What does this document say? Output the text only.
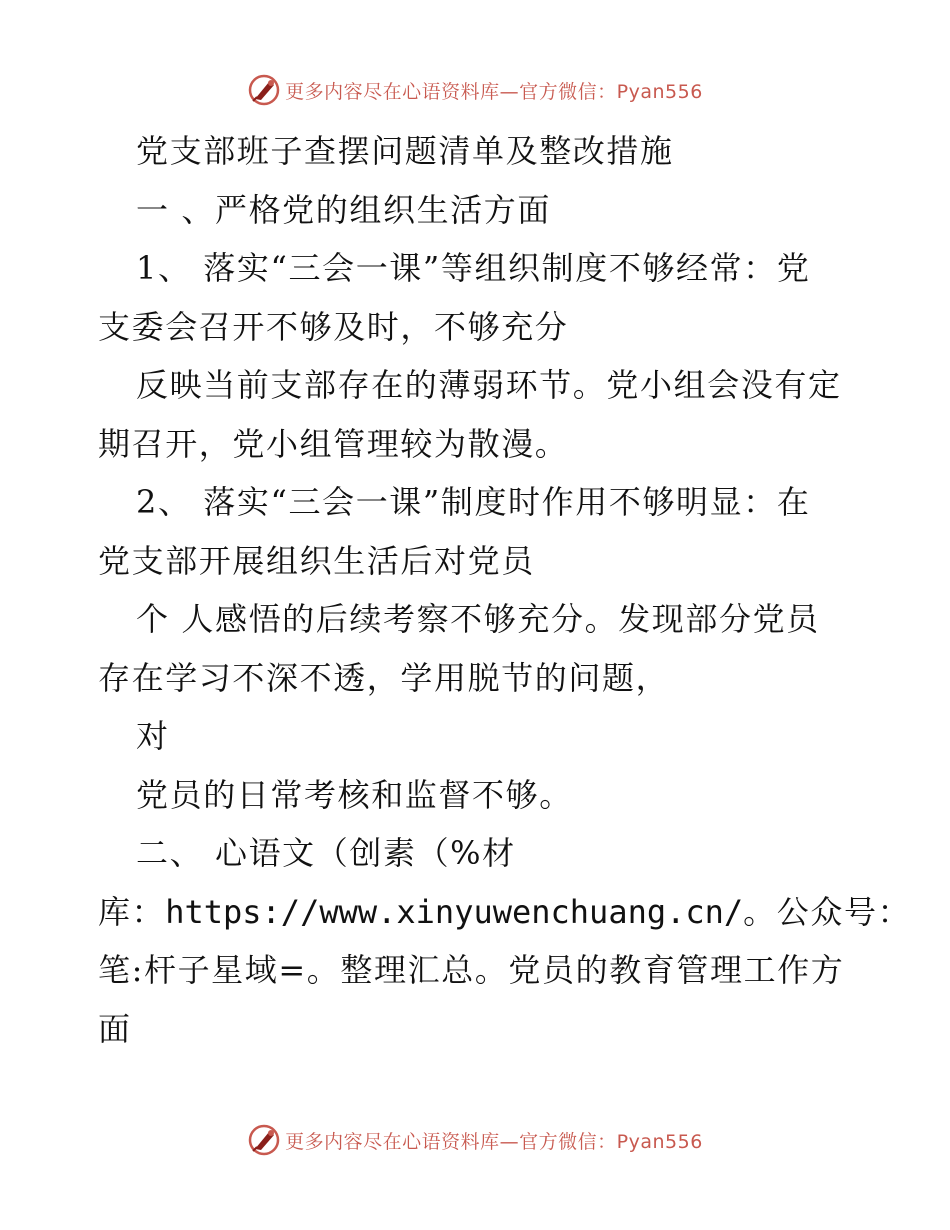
更多内容尽在心语资料库—官方微信：Pyan556
党支部班子查摆问题清单及整改措施
一 、严格党的组织生活方面
1、 落实“三会一课”等组织制度不够经常：党
支委会召开不够及时，不够充分
反映当前支部存在的薄弱环节。党小组会没有定
期召开，党小组管理较为散漫。
2、 落实“三会一课”制度时作用不够明显：在
党支部开展组织生活后对党员
个 人感悟的后续考察不够充分。发现部分党员
存在学习不深不透，学用脱节的问题，
对
党员的日常考核和监督不够。
二、 心语文（创素（%材
库：https://www.xinyuwenchuang.cn/。公众号：
笔:杆子星域=。整理汇总。党员的教育管理工作方
面
更多内容尽在心语资料库—官方微信：Pyan556
